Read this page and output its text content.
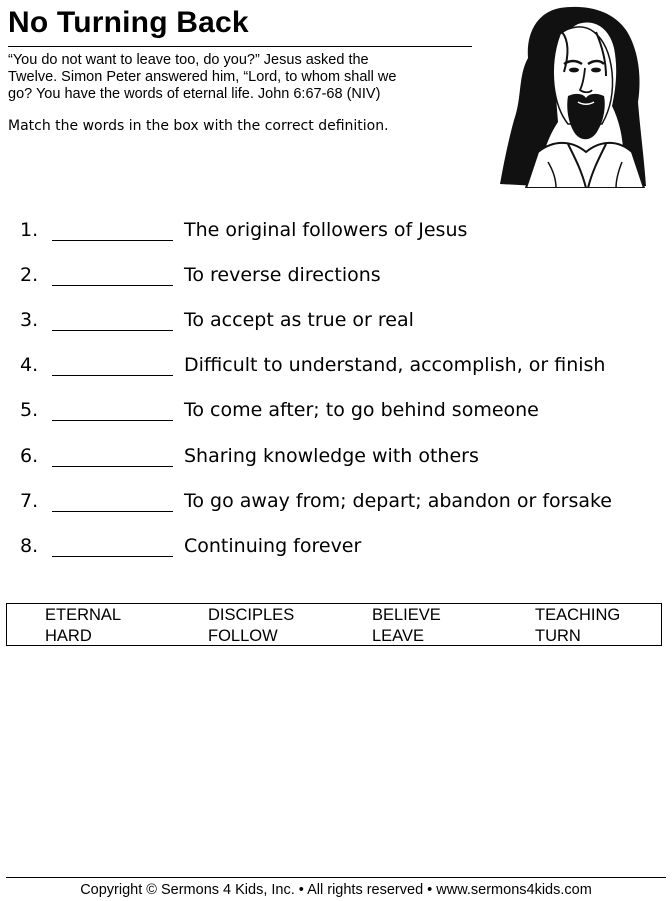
No Turning Back
“You do not want to leave too, do you?” Jesus asked the
Twelve. Simon Peter answered him, “Lord, to whom shall we
go? You have the words of eternal life. John 6:67-68 (NIV)
Match the words in the box with the correct definition.
1.	The original followers of Jesus
2.	To reverse directions
3.	To accept as true or real
4.	Difficult to understand, accomplish, or finish
5.	To come after; to go behind someone
6.	Sharing knowledge with others
7.	To go away from; depart; abandon or forsake
8.	Continuing forever
ETERNAL	DISCIPLES	BELIEVE	TEACHING
HARD	FOLLOW	LEAVE	TURN
Copyright © Sermons 4 Kids, Inc. • All rights reserved • www.sermons4kids.com
